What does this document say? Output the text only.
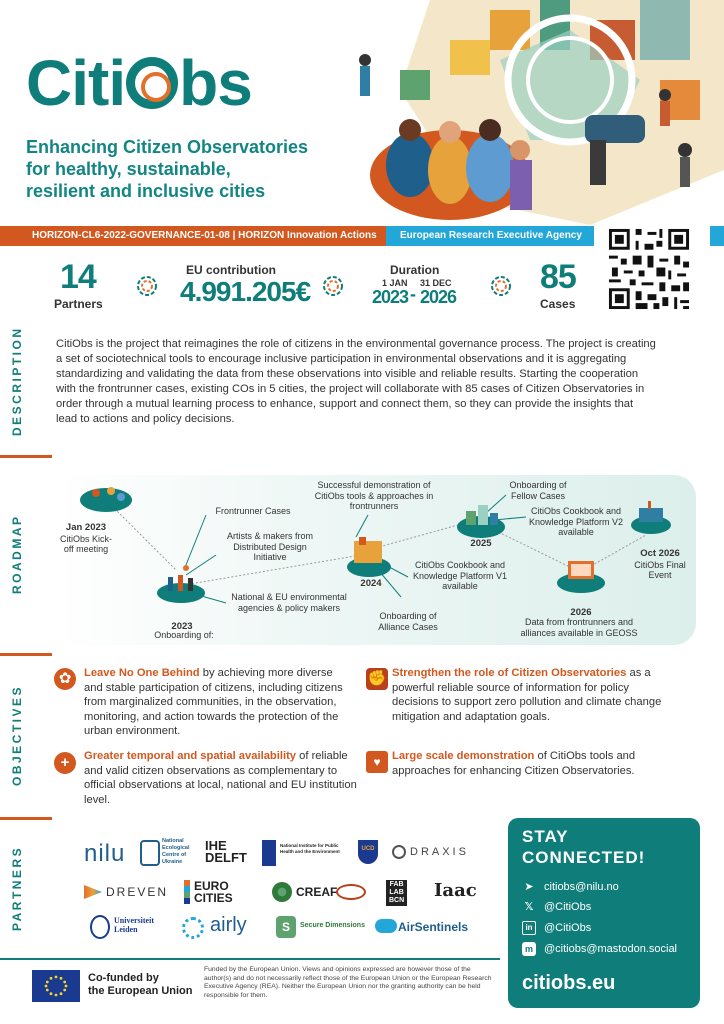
Citi bs
Enhancing Citizen Observatories
for healthy, sustainable,
resilient and inclusive cities
HORIZON-CL6-2022-GOVERNANCE-01-08 | HORIZON Innovation Actions	European Research Executive Agency
14
Partners
EU contribution
4.991.205€
Duration
1 JAN 31 DEC
2023 - 2026
85
Cases
DESCRIPTION	CitiObs is the project that reimagines the role of citizens in the environmental governance process. The project is creating a set of sociotechnical tools to encourage inclusive participation in environmental observations and it is aggregating standardizing and validating the data from these observations into visible and reliable results. Starting the cooperation with the frontrunner cases, existing COs in 5 cities, the project will collaborate with 85 cases of Citizen Observatories in order through a mutual learning process to enhance, support and connect them, so they can provide the insights that lead to actions and policy decisions.
ROADMAP	Jan 2023
CitiObs Kick-off meeting
Frontrunner Cases
Artists & makers from Distributed Design Initiative
National & EU environmental agencies & policy makers
2023
Onboarding of:
Successful demonstration of CitiObs tools & approaches in frontrunners
2024
CitiObs Cookbook and Knowledge Platform V1 available
Onboarding of Alliance Cases
Onboarding of Fellow Cases
2025
CitiObs Cookbook and Knowledge Platform V2 available
2026
Data from frontrunners and alliances available in GEOSS
Oct 2026
CitiObs Final Event
OBJECTIVES
✿	Leave No One Behind by achieving more diverse and stable participation of citizens, including citizens from marginalized communities, in the observation, monitoring, and action towards the protection of the urban environment.
✊ Strengthen the role of Citizen Observatories as a powerful reliable source of information for policy decisions to support zero pollution and climate change mitigation and adaptation goals.
+	Greater temporal and spatial availability of reliable and valid citizen observations as complementary to official observations at local, national and EU institution level.
♥	Large scale demonstration of CitiObs tools and approaches for enhancing Citizen Observatories.
PARTNERS	nilu	National
Ecological
Centre of
Ukraine
IHE
DELFT
National Institute for Public Health and the Environment	UCD	DRAXIS
DREVEN EURO
CITIES	CREAF
FAB
LAB
BCN Iaac
Universiteit
Leiden	airly	S	Secure Dimensions	AirSentinels
STAY
CONNECTED!
➤ citiobs@nilu.no
𝕏 @CitiObs
in	@CitiObs
m @citiobs@mastodon.social
citiobs.eu
Co-funded by
the European Union
Funded by the European Union. Views and opinions expressed are however those of the author(s) and do not necessarily reflect those of the European Union or the European Research Executive Agency (REA). Neither the European Union nor the granting authority can be held responsible for them.
